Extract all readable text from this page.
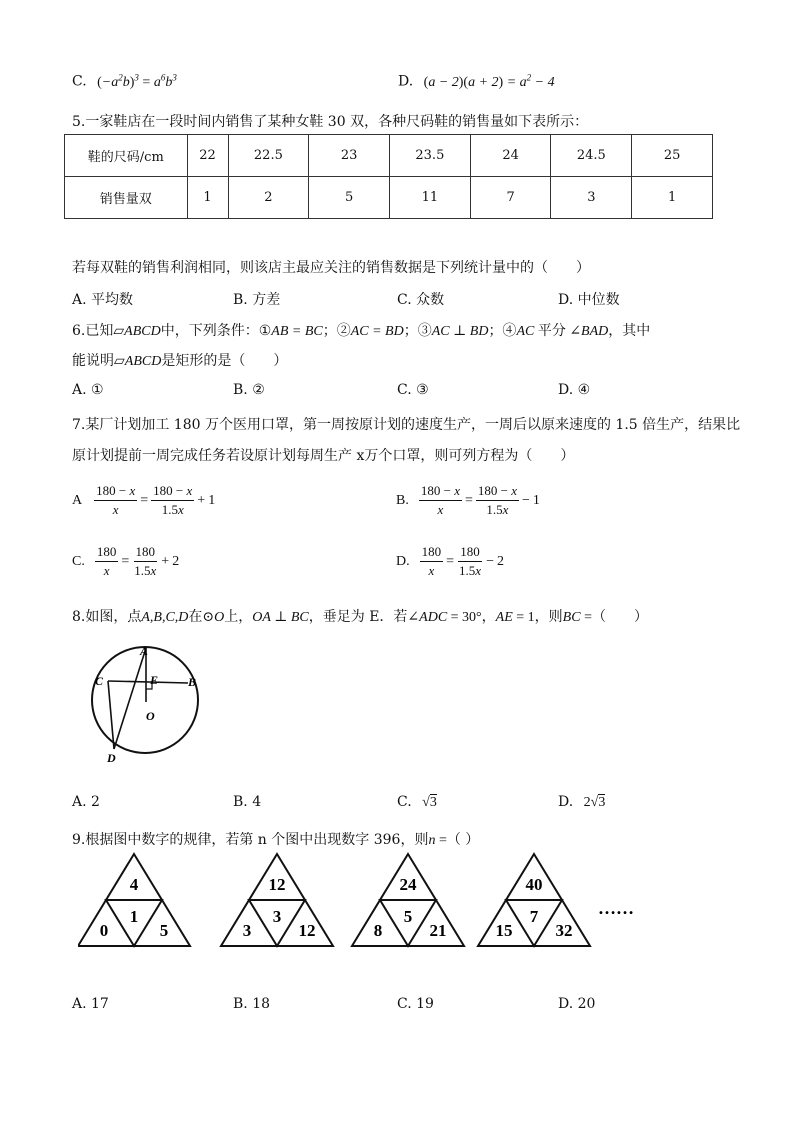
C. $(-a^2b)^3 = a^6b^3$	D. $(a - 2)(a + 2) = a^2 - 4$
5.一家鞋店在一段时间内销售了某种女鞋 30 双，各种尺码鞋的销售量如下表所示：
鞋的尺码/cm	22	22.5	23	23.5	24	24.5	25
销售量双	1	2	5	11	7	3	1
若每双鞋的销售利润相同，则该店主最应关注的销售数据是下列统计量中的（　　）
A. 平均数	B. 方差	C. 众数	D. 中位数
6.已知▱ABCD中，下列条件：①AB = BC；②AC = BD；③AC ⊥ BD；④AC 平分 ∠BAD，其中
能说明▱ABCD是矩形的是（　　）
A. ①	B. ②	C. ③	D. ④
7.某厂计划加工 180 万个医用口罩，第一周按原计划的速度生产，一周后以原来速度的 1.5 倍生产，结果比
原计划提前一周完成任务若设原计划每周生产 x万个口罩，则可列方程为（　　）
A $\frac{180 - x}{x} = \frac{180 - x}{1.5x} + 1$	B. $\frac{180 - x}{x} = \frac{180 - x}{1.5x} - 1$
C. $\frac{180}{x} = \frac{180}{1.5x} + 2$	D. $\frac{180}{x} = \frac{180}{1.5x} - 2$
8.如图，点A,B,C,D在⊙O上，OA ⊥ BC，垂足为 E．若∠ADC = 30°，AE = 1，则BC =（　　）
A
B
C
D
E
O
A. 2	B. 4	C. √3	D. 2√3
9.根据图中数字的规律，若第 n 个图中出现数字 396，则n =（ ）
4
1
0	5
12
3
3	12
24
5
8	21
40
7
15	32
……
A. 17	B. 18	C. 19	D. 20
